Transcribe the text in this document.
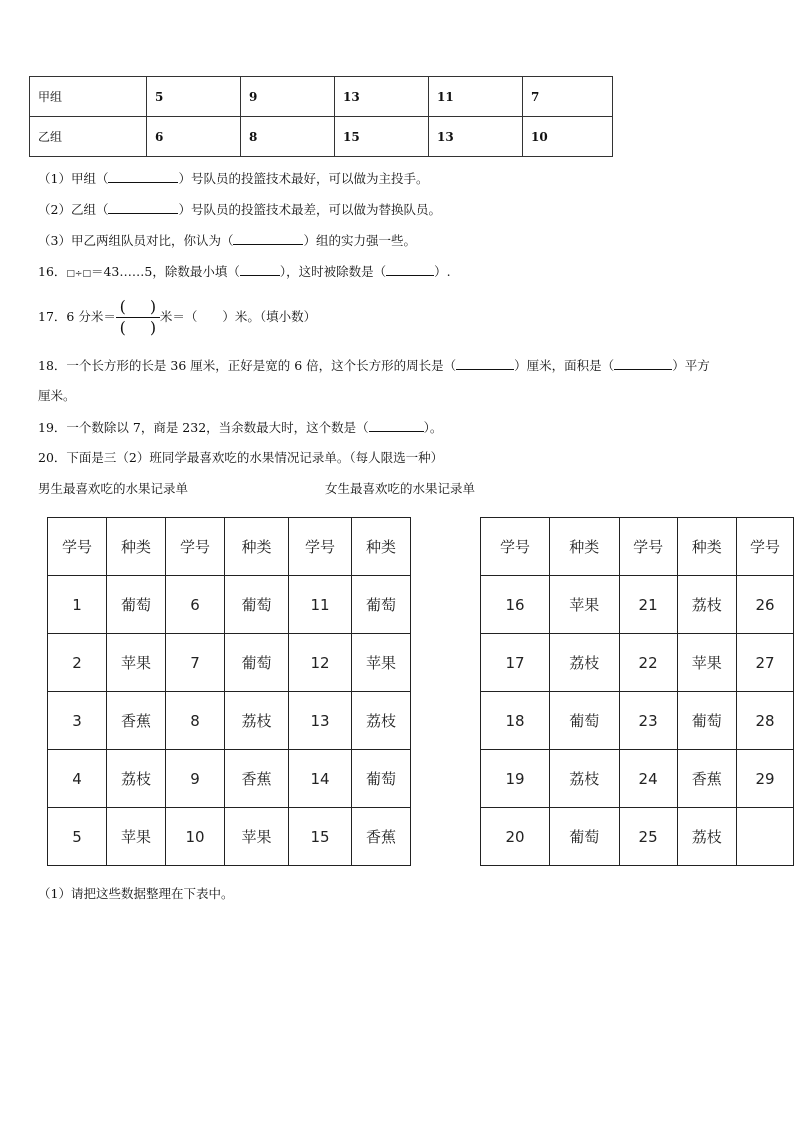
甲组	5	9	13	11	7
乙组	6	8	15	13	10
（1）甲组（	）号队员的投篮技术最好，可以做为主投手。
（2）乙组（	）号队员的投篮技术最差，可以做为替换队员。
（3）甲乙两组队员对比，你认为（	）组的实力强一些。
16．□÷□＝43……5，除数最小填（	），这时被除数是（	）.
17．6 分米＝ $\frac{( )}{( )}$ 米＝（　　）米。（填小数）
18．一个长方形的长是 36 厘米，正好是宽的 6 倍，这个长方形的周长是（	）厘米，面积是（	）平方
厘米。
19．一个数除以 7，商是 232，当余数最大时，这个数是（	）。
20．下面是三（2）班同学最喜欢吃的水果情况记录单。（每人限选一种）
男生最喜欢吃的水果记录单	女生最喜欢吃的水果记录单
学号	种类	学号	种类	学号	种类
1	葡萄	6	葡萄	11	葡萄
2	苹果	7	葡萄	12	苹果
3	香蕉	8	荔枝	13	荔枝
4	荔枝	9	香蕉	14	葡萄
5	苹果	10	苹果	15	香蕉
学号	种类	学号	种类	学号
16	苹果	21	荔枝	26
17	荔枝	22	苹果	27
18	葡萄	23	葡萄	28
19	荔枝	24	香蕉	29
20	葡萄	25	荔枝	
（1）请把这些数据整理在下表中。
